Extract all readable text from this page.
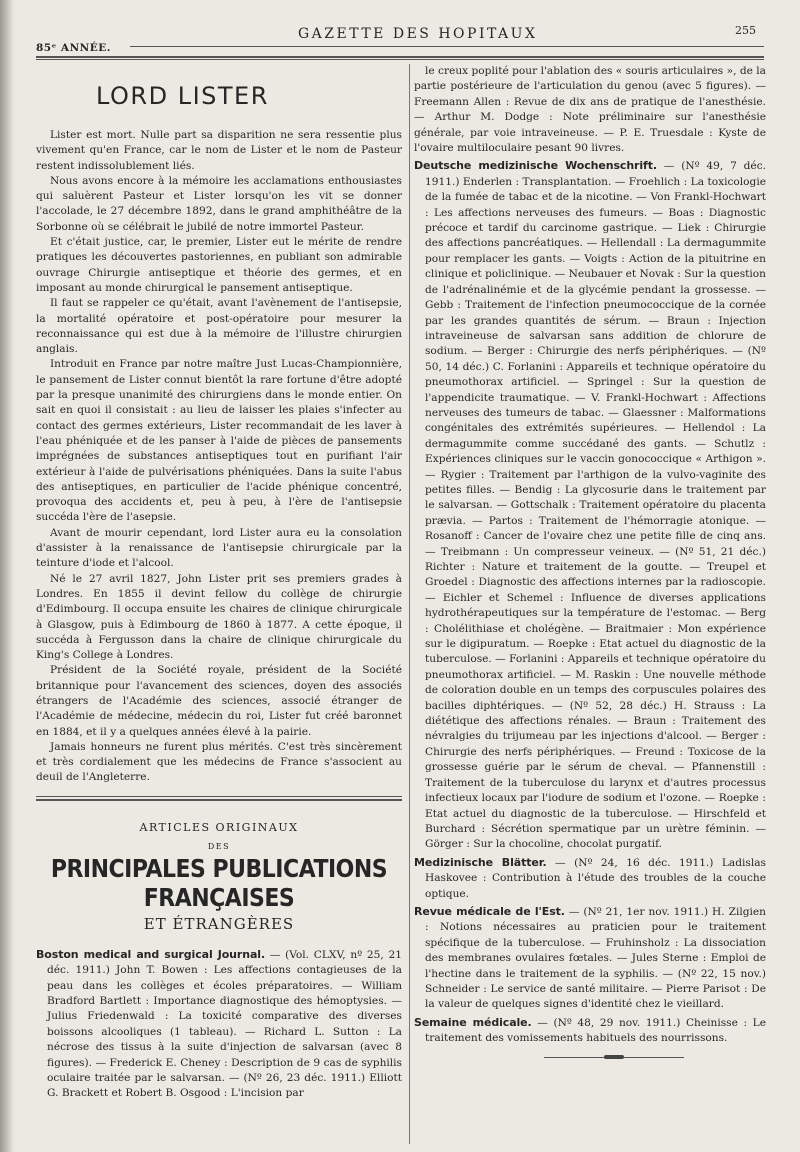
85ᵉ ANNÉE.
GAZETTE DES HOPITAUX	255
LORD LISTER

Lister est mort. Nulle part sa disparition ne sera ressentie plus vivement qu'en France, car le nom de Lister et le nom de Pasteur restent indissolublement liés.

Nous avons encore à la mémoire les acclamations enthousiastes qui saluèrent Pasteur et Lister lorsqu'on les vit se donner l'accolade, le 27 décembre 1892, dans le grand amphithéâtre de la Sorbonne où se célébrait le jubilé de notre immortel Pasteur.

Et c'était justice, car, le premier, Lister eut le mérite de rendre pratiques les découvertes pastoriennes, en publiant son admirable ouvrage Chirurgie antiseptique et théorie des germes, et en imposant au monde chirurgical le pansement antiseptique.

Il faut se rappeler ce qu'était, avant l'avènement de l'antisepsie, la mortalité opératoire et post-opératoire pour mesurer la reconnaissance qui est due à la mémoire de l'illustre chirurgien anglais.

Introduit en France par notre maître Just Lucas-Championnière, le pansement de Lister connut bientôt la rare fortune d'être adopté par la presque unanimité des chirurgiens dans le monde entier. On sait en quoi il consistait : au lieu de laisser les plaies s'infecter au contact des germes extérieurs, Lister recommandait de les laver à l'eau phéniquée et de les panser à l'aide de pièces de pansements imprégnées de substances antiseptiques tout en purifiant l'air extérieur à l'aide de pulvérisations phéniquées. Dans la suite l'abus des antiseptiques, en particulier de l'acide phénique concentré, provoqua des accidents et, peu à peu, à l'ère de l'antisepsie succéda l'ère de l'asepsie.

Avant de mourir cependant, lord Lister aura eu la consolation d'assister à la renaissance de l'antisepsie chirurgicale par la teinture d'iode et l'alcool.

Né le 27 avril 1827, John Lister prit ses premiers grades à Londres. En 1855 il devint fellow du collège de chirurgie d'Edimbourg. Il occupa ensuite les chaires de clinique chirurgicale à Glasgow, puis à Edimbourg de 1860 à 1877. A cette époque, il succéda à Fergusson dans la chaire de clinique chirurgicale du King's College à Londres.

Président de la Société royale, président de la Société britannique pour l'avancement des sciences, doyen des associés étrangers de l'Académie des sciences, associé étranger de l'Académie de médecine, médecin du roi, Lister fut créé baronnet en 1884, et il y a quelques années élevé à la pairie.

Jamais honneurs ne furent plus mérités. C'est très sincèrement et très cordialement que les médecins de France s'associent au deuil de l'Angleterre.

ARTICLES ORIGINAUX
DES
PRINCIPALES PUBLICATIONS FRANÇAISES
ET ÉTRANGÈRES

Boston medical and surgical Journal. — (Vol. CLXV, nº 25, 21 déc. 1911.) John T. Bowen : Les affections contagieuses de la peau dans les collèges et écoles préparatoires. — William Bradford Bartlett : Importance diagnostique des hémoptysies. — Julius Friedenwald : La toxicité comparative des diverses boissons alcooliques (1 tableau). — Richard L. Sutton : La nécrose des tissus à la suite d'injection de salvarsan (avec 8 figures). — Frederick E. Cheney : Description de 9 cas de syphilis oculaire traitée par le salvarsan. — (Nº 26, 23 déc. 1911.) Elliott G. Brackett et Robert B. Osgood : L'incision par

le creux poplité pour l'ablation des « souris articulaires », de la partie postérieure de l'articulation du genou (avec 5 figures). — Freemann Allen : Revue de dix ans de pratique de l'anesthésie. — Arthur M. Dodge : Note préliminaire sur l'anesthésie générale, par voie intraveineuse. — P. E. Truesdale : Kyste de l'ovaire multiloculaire pesant 90 livres.

Deutsche medizinische Wochenschrift. — (Nº 49, 7 déc. 1911.) Enderlen : Transplantation. — Froehlich : La toxicologie de la fumée de tabac et de la nicotine. — Von Frankl-Hochwart : Les affections nerveuses des fumeurs. — Boas : Diagnostic précoce et tardif du carcinome gastrique. — Liek : Chirurgie des affections pancréatiques. — Hellendall : La dermagummite pour remplacer les gants. — Voigts : Action de la pituitrine en clinique et policlinique. — Neubauer et Novak : Sur la question de l'adrénalinémie et de la glycémie pendant la grossesse. — Gebb : Traitement de l'infection pneumococcique de la cornée par les grandes quantités de sérum. — Braun : Injection intraveineuse de salvarsan sans addition de chlorure de sodium. — Berger : Chirurgie des nerfs périphériques. — (Nº 50, 14 déc.) C. Forlanini : Appareils et technique opératoire du pneumothorax artificiel. — Springel : Sur la question de l'appendicite traumatique. — V. Frankl-Hochwart : Affections nerveuses des tumeurs de tabac. — Glaessner : Malformations congénitales des extrémités supérieures. — Hellendol : La dermagummite comme succédané des gants. — Schutlz : Expériences cliniques sur le vaccin gonococcique « Arthigon ». — Rygier : Traitement par l'arthigon de la vulvo-vaginite des petites filles. — Bendig : La glycosurie dans le traitement par le salvarsan. — Gottschalk : Traitement opératoire du placenta prævia. — Partos : Traitement de l'hémorragie atonique. — Rosanoff : Cancer de l'ovaire chez une petite fille de cinq ans. — Treibmann : Un compresseur veineux. — (Nº 51, 21 déc.) Richter : Nature et traitement de la goutte. — Treupel et Groedel : Diagnostic des affections internes par la radioscopie. — Eichler et Schemel : Influence de diverses applications hydrothérapeutiques sur la température de l'estomac. — Berg : Cholélithiase et cholégène. — Braitmaier : Mon expérience sur le digipuratum. — Roepke : Etat actuel du diagnostic de la tuberculose. — Forlanini : Appareils et technique opératoire du pneumothorax artificiel. — M. Raskin : Une nouvelle méthode de coloration double en un temps des corpuscules polaires des bacilles diphtériques. — (Nº 52, 28 déc.) H. Strauss : La diététique des affections rénales. — Braun : Traitement des névralgies du trijumeau par les injections d'alcool. — Berger : Chirurgie des nerfs périphériques. — Freund : Toxicose de la grossesse guérie par le sérum de cheval. — Pfannenstill : Traitement de la tuberculose du larynx et d'autres processus infectieux locaux par l'iodure de sodium et l'ozone. — Roepke : Etat actuel du diagnostic de la tuberculose. — Hirschfeld et Burchard : Sécrétion spermatique par un urètre féminin. — Görger : Sur la chocoline, chocolat purgatif.

Medizinische Blätter. — (Nº 24, 16 déc. 1911.) Ladislas Haskovee : Contribution à l'étude des troubles de la couche optique.

Revue médicale de l'Est. — (Nº 21, 1er nov. 1911.) H. Zilgien : Notions nécessaires au praticien pour le traitement spécifique de la tuberculose. — Fruhinsholz : La dissociation des membranes ovulaires fœtales. — Jules Sterne : Emploi de l'hectine dans le traitement de la syphilis. — (Nº 22, 15 nov.) Schneider : Le service de santé militaire. — Pierre Parisot : De la valeur de quelques signes d'identité chez le vieillard.

Semaine médicale. — (Nº 48, 29 nov. 1911.) Cheinisse : Le traitement des vomissements habituels des nourrissons.
